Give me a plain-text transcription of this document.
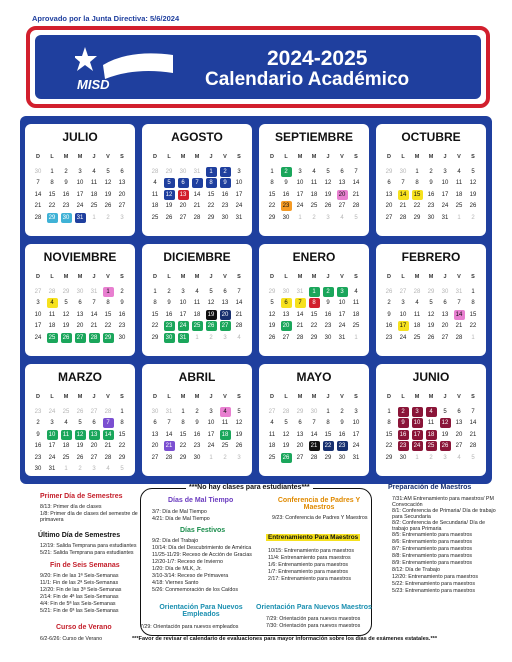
Aprovado por la Junta Directiva: 5/6/2024
MISD
2024-2025
Calendario Académico
JULIO
D	L	M	M	J	V	S
30	1	2	3	4	5	6
7	8	9	10	11	12	13
14	15	16	17	18	19	20
21	22	23	24	25	26	27
28	29	30	31	1	2	3
AGOSTO
D	L	M	M	J	V	S
28	29	30	31	1	2	3
4	5	6	7	8	9	10
11	12	13	14	15	16	17
18	19	20	21	22	23	24
25	26	27	28	29	30	31
SEPTIEMBRE
D	L	M	M	J	V	S
1	2	3	4	5	6	7
8	9	10	11	12	13	14
15	16	17	18	19	20	21
22	23	24	25	26	27	28
29	30	1	2	3	4	5
OCTUBRE
D	L	M	M	J	V	S
29	30	1	2	3	4	5
6	7	8	9	10	11	12
13	14	15	16	17	18	19
20	21	22	23	24	25	26
27	28	29	30	31	1	2
NOVIEMBRE
D	L	M	M	J	V	S
27	28	29	30	31	1	2
3	4	5	6	7	8	9
10	11	12	13	14	15	16
17	18	19	20	21	22	23
24	25	26	27	28	29	30
DICIEMBRE
D	L	M	M	J	V	S
1	2	3	4	5	6	7
8	9	10	11	12	13	14
15	16	17	18	19	20	21
22	23	24	25	26	27	28
29	30	31	1	2	3	4
ENERO
D	L	M	M	J	V	S
29	30	31	1	2	3	4
5	6	7	8	9	10	11
12	13	14	15	16	17	18
19	20	21	22	23	24	25
26	27	28	29	30	31	1
FEBRERO
D	L	M	M	J	V	S
26	27	28	29	30	31	1
2	3	4	5	6	7	8
9	10	11	12	13	14	15
16	17	18	19	20	21	22
23	24	25	26	27	28	1
MARZO
D	L	M	M	J	V	S
23	24	25	26	27	28	1
2	3	4	5	6	7	8
9	10	11	12	13	14	15
16	17	18	19	20	21	22
23	24	25	26	27	28	29
30	31	1	2	3	4	5
ABRIL
D	L	M	M	J	V	S
30	31	1	2	3	4	5
6	7	8	9	10	11	12
13	14	15	16	17	18	19
20	21	22	23	24	25	26
27	28	29	30	1	2	3
MAYO
D	L	M	M	J	V	S
27	28	29	30	1	2	3
4	5	6	7	8	9	10
11	12	13	14	15	16	17
18	19	20	21	22	23	24
25	26	27	28	29	30	31
JUNIO
D	L	M	M	J	V	S
1	2	3	4	5	6	7
8	9	10	11	12	13	14
15	16	17	18	19	20	21
22	23	24	25	26	27	28
29	30	1	2	3	4	5
Primer Día de Semestres
8/13: Primer día de clases
1/8: Primer día de clases del semestre de primavera
Último Día de Semestres
12/19: Salida Temprana para estudiantes
5/21: Salida Temprana para estudiantes
Fin de Seis Semanas
9/20: Fin de las 1ª Seis-Semanas
11/1: Fin de las 2ª Seis-Semanas
12/20: Fin de las 3ª Seis-Semanas
2/14: Fin de 4ª las Seis-Semanas
4/4: Fin de 5ª las Seis-Semanas
5/21: Fin de 6ª las Seis-Semanas
Curso de Verano
6/2-6/26: Curso de Verano
***No hay clases para estudiantes***
Días de Mal Tiempo
3/7: Día de Mal Tiempo
4/21: Día de Mal Tiempo
Días Festivos
9/2: Día del Trabajo
10/14: Día del Descubrimiento de América
11/25-11/29: Receso de Acción de Gracias
12/20-1/7: Receso de Invierno
1/20: Día de MLK, Jr.
3/10-3/14: Receso de Primavera
4/18: Viernes Santo
5/26: Conmemoración de los Caídos
Conferencia de Padres Y Maestros
9/23: Conferencia de Padres Y Maestros
Entrenamiento Para Maestros
10/15: Entrenamiento para maestros
11/4: Entrenamiento para maestros
1/6: Entrenamiento para maestros
1/7: Entrenamiento para maestros
2/17: Entrenamiento para maestros
Orientación Para Nuevos Empleados
7/29: Orientación para nuevos empleados
Orientación Para Nuevos Maestros
7/29: Orientación para nuevos maestros
7/30: Orientación para nuevos maestros
Preparación de Maestros
7/31:AM Entrenamiento para maestros/ PM Convocación
8/1: Conferencia de Primaria/ Día de trabajo para Secundaria
8/2: Conferencia de Secundaria/ Día de trabajo para Primaria
8/5: Entrenamiento para maestros
8/6: Entrenamiento para maestros
8/7: Entrenamiento para maestros
8/8: Entrenamiento para maestros
8/9: Entrenamiento para maestros
8/12: Día de Trabajo
12/20: Entrenamiento para maestros
5/22: Entrenamiento para maestros
5/23: Entrenamiento para maestros
***Favor de revisar el calendario de evaluaciones para mayor información sobre los días de exámenes estatales.***
